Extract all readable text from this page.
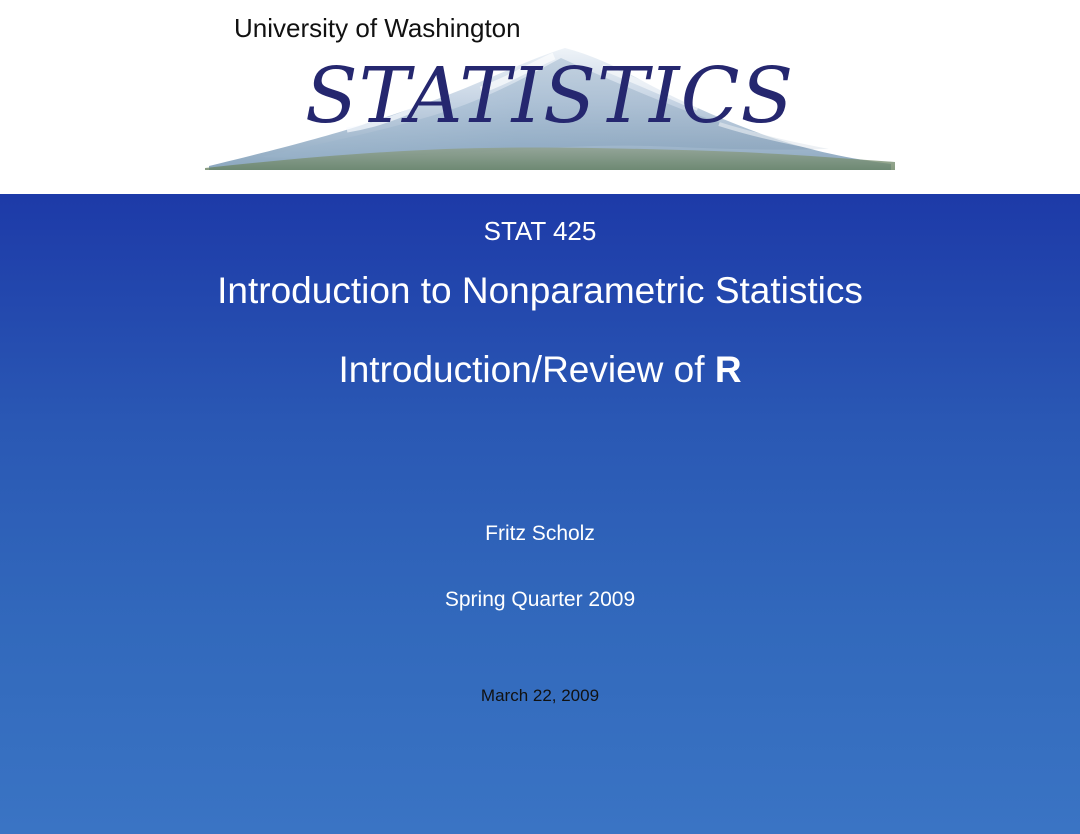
University of Washington
STATISTICS
STAT 425
Introduction to Nonparametric Statistics
Introduction/Review of R
Fritz Scholz
Spring Quarter 2009
March 22, 2009
